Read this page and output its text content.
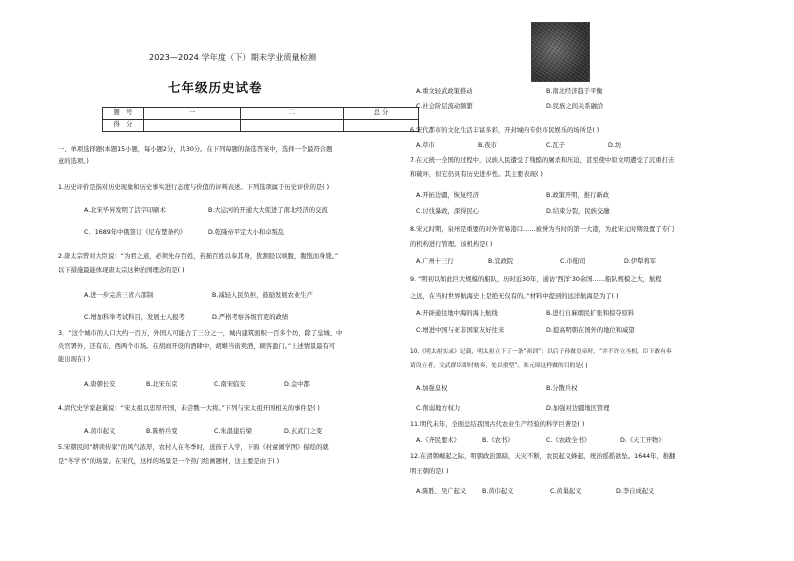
2023—2024 学年度（下）期末学业质量检测
七年级历史试卷
题　号	一	二	总 分
得　分			
一、单项选择题(本题15小题，每小题2分，共30分。在下列每题的备选答案中，选择一个最符合题
意的选项。)
1.历史评价是指对历史现象和历史事实进行态度与价值的评判表述。下列选项属于历史评价的是( )
A.北宋毕昇发明了活字印刷术	B.大运河的开通大大促进了南北经济的交流
C．1689年中俄签订《尼布楚条约》	D.乾隆帝平定大小和卓叛乱
2.唐太宗曾对大臣说：“为君之道，必须先存百姓，若损百姓以奉其身，犹割胫以啖腹，腹饱而身毙。”
以下措施最能体现唐太宗这种治国理念的是( )
A.进一步完善三省六部制	B.减轻人民负担，鼓励发展农业生产
C.增加科举考试科目，发展士人报考	D.严格考察各级官吏的政绩
3．“这个城市的人口大约一百万，外国人可能占了三分之一，城内建筑面积一百多个坊，除了皇城、中
央官署外，还有东、西两个市场。在胡商开设的酒肆中，胡姬当街卖酒，顾客盈门。”上述情景最有可
能出现在( )
A.唐朝长安	B.北宋东京	C.南宋临安	D.金中都
4.清代史学家赵翼说：“宋太祖以忠厚开国，未尝戮一大将。”下列与宋太祖开国相关的事件是( )
A.黄巾起义	B.陈桥兵变	C.朱温建后梁	D.玄武门之变
5.宋朝民间“耕读传家”的风气浓厚，农村人在冬季时，送孩子入学，下面《村童闹学图》描绘的就
是“冬学书”的场景。在宋代，这样的场景是一个热门绘画题材，这主要是由于( )
A.重文轻武政策推动	B.南北经济趋于平衡
C.社会阶层流动频繁	D.民族之间关系融洽
6.宋代都市的文化生活丰富多彩，开封城内专供市民娱乐的场所是( )
A.草市	B.夜市	C.瓦子	D.坊
7.在元统一全国的过程中，汉族人民遭受了残酷的屠杀和压迫，甚至使中原文明遭受了沉重打击
和破坏，但它仍具有历史进步性。其主要表现( )
A.开拓边疆，恢复经济	B.政策开明，推行新政
C.讨伐暴政，深得民心	D.结束分裂，民族交融
8.宋元时期，泉州是重要的对外贸易港口……被誉为当时的第一大港，为此宋元时期设置了专门
的机构进行管理。该机构是( )
A.广州十三行	B.宣政院	C.市舶司	D.伊犁将军
9. “明初以如此巨大规模的船队，历时近30年，通访‘西洋’30余国……船队规模之大，航程
之远，在当时世界航海史上是绝无仅有的。”材料中提到的远洋航海是为了( )
A.开辟通往地中海的海上航线	B.进行自麻烟民扩张和掠夺原料
C.增进中国与亚非国家友好往来	D.提高明朝在国外的地位和威望
10.《明太祖实录》记载，明太祖立下了一条“祖训”：以后子孙做皇帝时，“并不许立丞相，臣下敢有奏
请设立者，文武群臣即时劾奏，处以重型”。朱元璋这样做的目的是( )
A.加强皇权	B.分散兵权
C.削弱地方权力	D.加强对边疆地区管理
11.明代末年，全面总结我国古代农业生产经验的科学巨著是( )
A.《齐民要术》	B.《农书》	C.《农政全书》	D.《天工开物》
12.在清朝崛起之际，明朝政治黑暗，天灾不断，农民起义蜂起，统治摇摇欲坠。1644年，推翻
明王朝的是( )
A.陈胜、吴广起义 B.黄巾起义	C.黄巢起义	D.李自成起义
